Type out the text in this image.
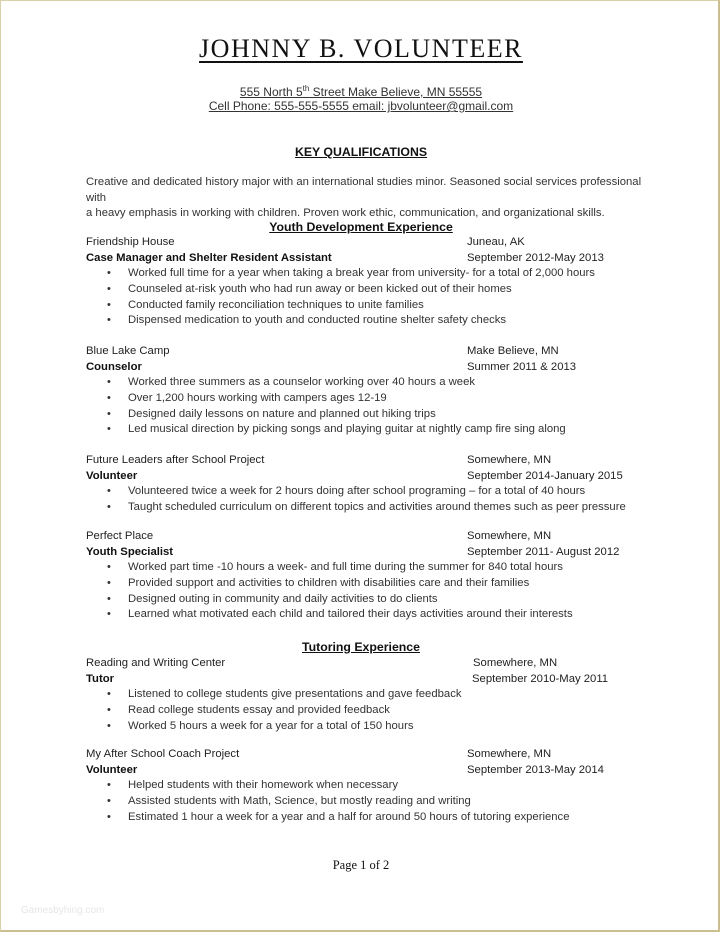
JOHNNY B. VOLUNTEER
555 North 5th Street Make Believe, MN 55555
Cell Phone: 555-555-5555 email: jbvolunteer@gmail.com
KEY QUALIFICATIONS
Creative and dedicated history major with an international studies minor. Seasoned social services professional with
a heavy emphasis in working with children. Proven work ethic, communication, and organizational skills.
Youth Development Experience
Friendship House	Juneau, AK
Case Manager and Shelter Resident Assistant	September 2012-May 2013
• Worked full time for a year when taking a break year from university- for a total of 2,000 hours
• Counseled at-risk youth who had run away or been kicked out of their homes
• Conducted family reconciliation techniques to unite families
• Dispensed medication to youth and conducted routine shelter safety checks
Blue Lake Camp	Make Believe, MN
Counselor	Summer 2011 & 2013
• Worked three summers as a counselor working over 40 hours a week
• Over 1,200 hours working with campers ages 12-19
• Designed daily lessons on nature and planned out hiking trips
• Led musical direction by picking songs and playing guitar at nightly camp fire sing along
Future Leaders after School Project	Somewhere, MN
Volunteer	September 2014-January 2015
• Volunteered twice a week for 2 hours doing after school programing – for a total of 40 hours
• Taught scheduled curriculum on different topics and activities around themes such as peer pressure
Perfect Place	Somewhere, MN
Youth Specialist	September 2011- August 2012
• Worked part time -10 hours a week- and full time during the summer for 840 total hours
• Provided support and activities to children with disabilities care and their families
• Designed outing in community and daily activities to do clients
• Learned what motivated each child and tailored their days activities around their interests
Tutoring Experience
Reading and Writing Center	Somewhere, MN
Tutor	September 2010-May 2011
• Listened to college students give presentations and gave feedback
• Read college students essay and provided feedback
• Worked 5 hours a week for a year for a total of 150 hours
My After School Coach Project	Somewhere, MN
Volunteer	September 2013-May 2014
• Helped students with their homework when necessary
• Assisted students with Math, Science, but mostly reading and writing
• Estimated 1 hour a week for a year and a half for around 50 hours of tutoring experience
Page 1 of 2
Gamesbyhing.com
